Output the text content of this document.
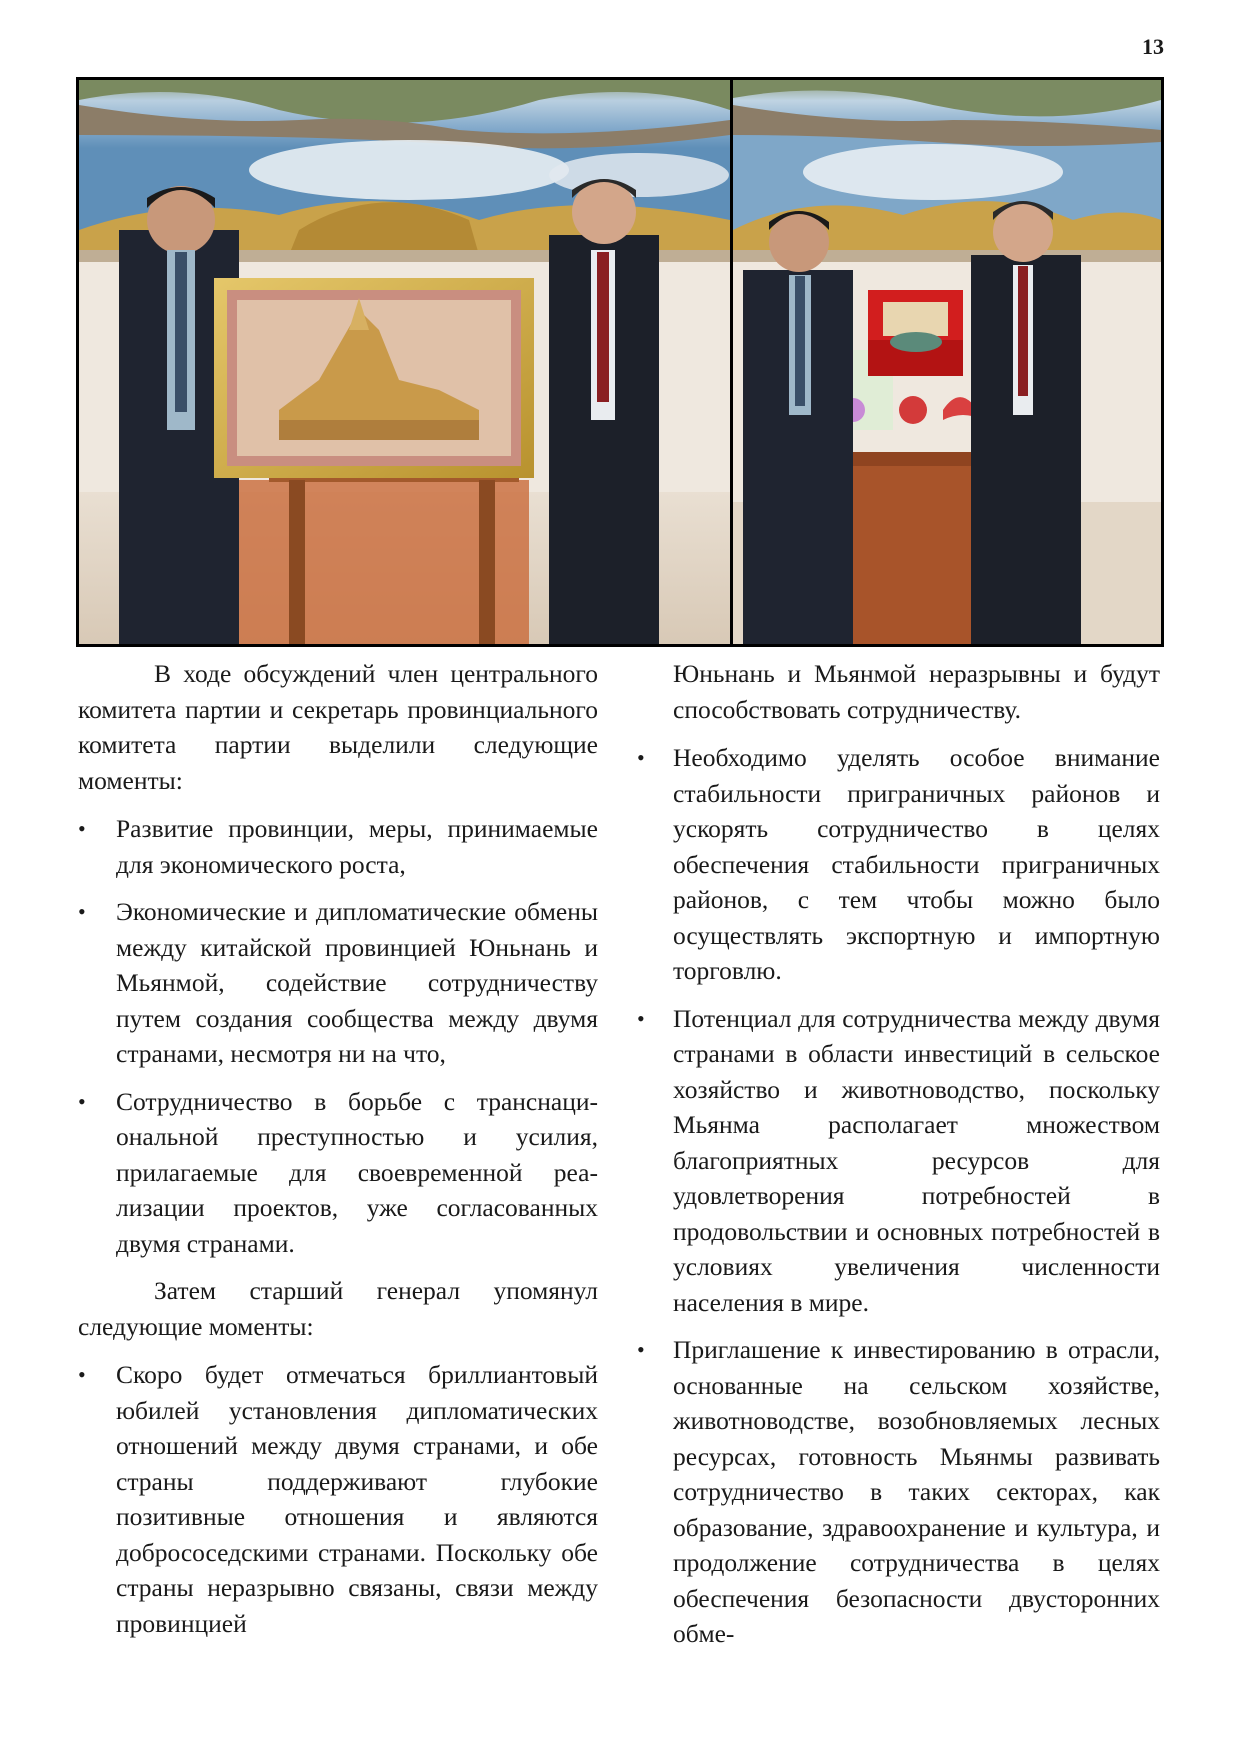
13

В ходе обсуждений член центрального комитета партии и секретарь провинциального комитета партии выделили следующие моменты:

• Развитие провинции, меры, принимаемые для экономического роста,
• Экономические и дипломатические обмены между китайской провинцией Юньнань и Мьянмой, содействие сотрудничеству путем создания сообщества между двумя странами, несмотря ни на что,
• Сотрудничество в борьбе с транснациональной преступностью и усилия, прилагаемые для своевременной реализации проектов, уже согласованных двумя странами.

Затем старший генерал упомянул следующие моменты:

• Скоро будет отмечаться бриллиантовый юбилей установления дипломатических отношений между двумя странами, и обе страны поддерживают глубокие позитивные отношения и являются добрососедскими странами. Поскольку обе страны неразрывно связаны, связи между провинцией

Юньнань и Мьянмой неразрывны и будут способствовать сотрудничеству.

• Необходимо уделять особое внимание стабильности приграничных районов и ускорять сотрудничество в целях обеспечения стабильности приграничных районов, с тем чтобы можно было осуществлять экспортную и импортную торговлю.
• Потенциал для сотрудничества между двумя странами в области инвестиций в сельское хозяйство и животноводство, поскольку Мьянма располагает множеством благоприятных ресурсов для удовлетворения потребностей в продовольствии и основных потребностей в условиях увеличения численности населения в мире.
• Приглашение к инвестированию в отрасли, основанные на сельском хозяйстве, животноводстве, возобновляемых лесных ресурсах, готовность Мьянмы развивать сотрудничество в таких секторах, как образование, здравоохранение и культура, и продолжение сотрудничества в целях обеспечения безопасности двусторонних обме-
